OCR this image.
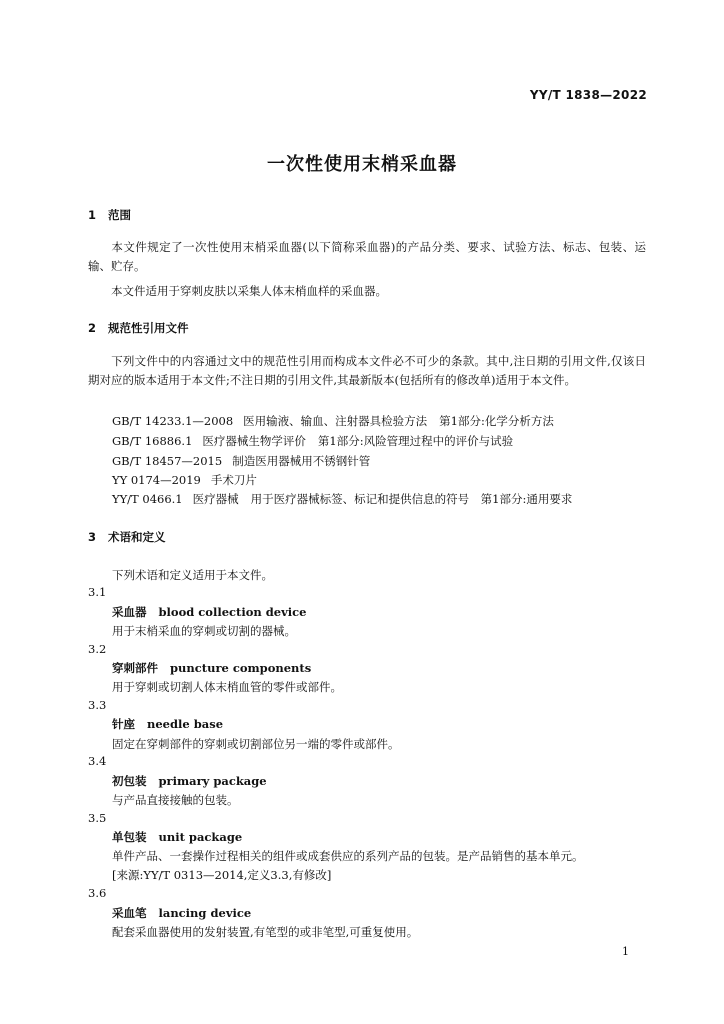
YY/T 1838—2022
一次性使用末梢采血器
1 范围
本文件规定了一次性使用末梢采血器(以下简称采血器)的产品分类、要求、试验方法、标志、包装、运输、贮存。
本文件适用于穿刺皮肤以采集人体末梢血样的采血器。
2 规范性引用文件
下列文件中的内容通过文中的规范性引用而构成本文件必不可少的条款。其中,注日期的引用文件,仅该日期对应的版本适用于本文件;不注日期的引用文件,其最新版本(包括所有的修改单)适用于本文件。
GB/T 14233.1—2008 医用输液、输血、注射器具检验方法 第1部分:化学分析方法
GB/T 16886.1 医疗器械生物学评价 第1部分:风险管理过程中的评价与试验
GB/T 18457—2015 制造医用器械用不锈钢针管
YY 0174—2019 手术刀片
YY/T 0466.1 医疗器械 用于医疗器械标签、标记和提供信息的符号　第1部分:通用要求
3 术语和定义
下列术语和定义适用于本文件。
3.1
采血器 blood collection device
用于末梢采血的穿刺或切割的器械。
3.2
穿刺部件 puncture components
用于穿刺或切割人体末梢血管的零件或部件。
3.3
针座 needle base
固定在穿刺部件的穿刺或切割部位另一端的零件或部件。
3.4
初包装 primary package
与产品直接接触的包装。
3.5
单包装 unit package
单件产品、一套操作过程相关的组件或成套供应的系列产品的包装。是产品销售的基本单元。
[来源:YY/T 0313—2014,定义3.3,有修改]
3.6
采血笔 lancing device
配套采血器使用的发射装置,有笔型的或非笔型,可重复使用。
1
